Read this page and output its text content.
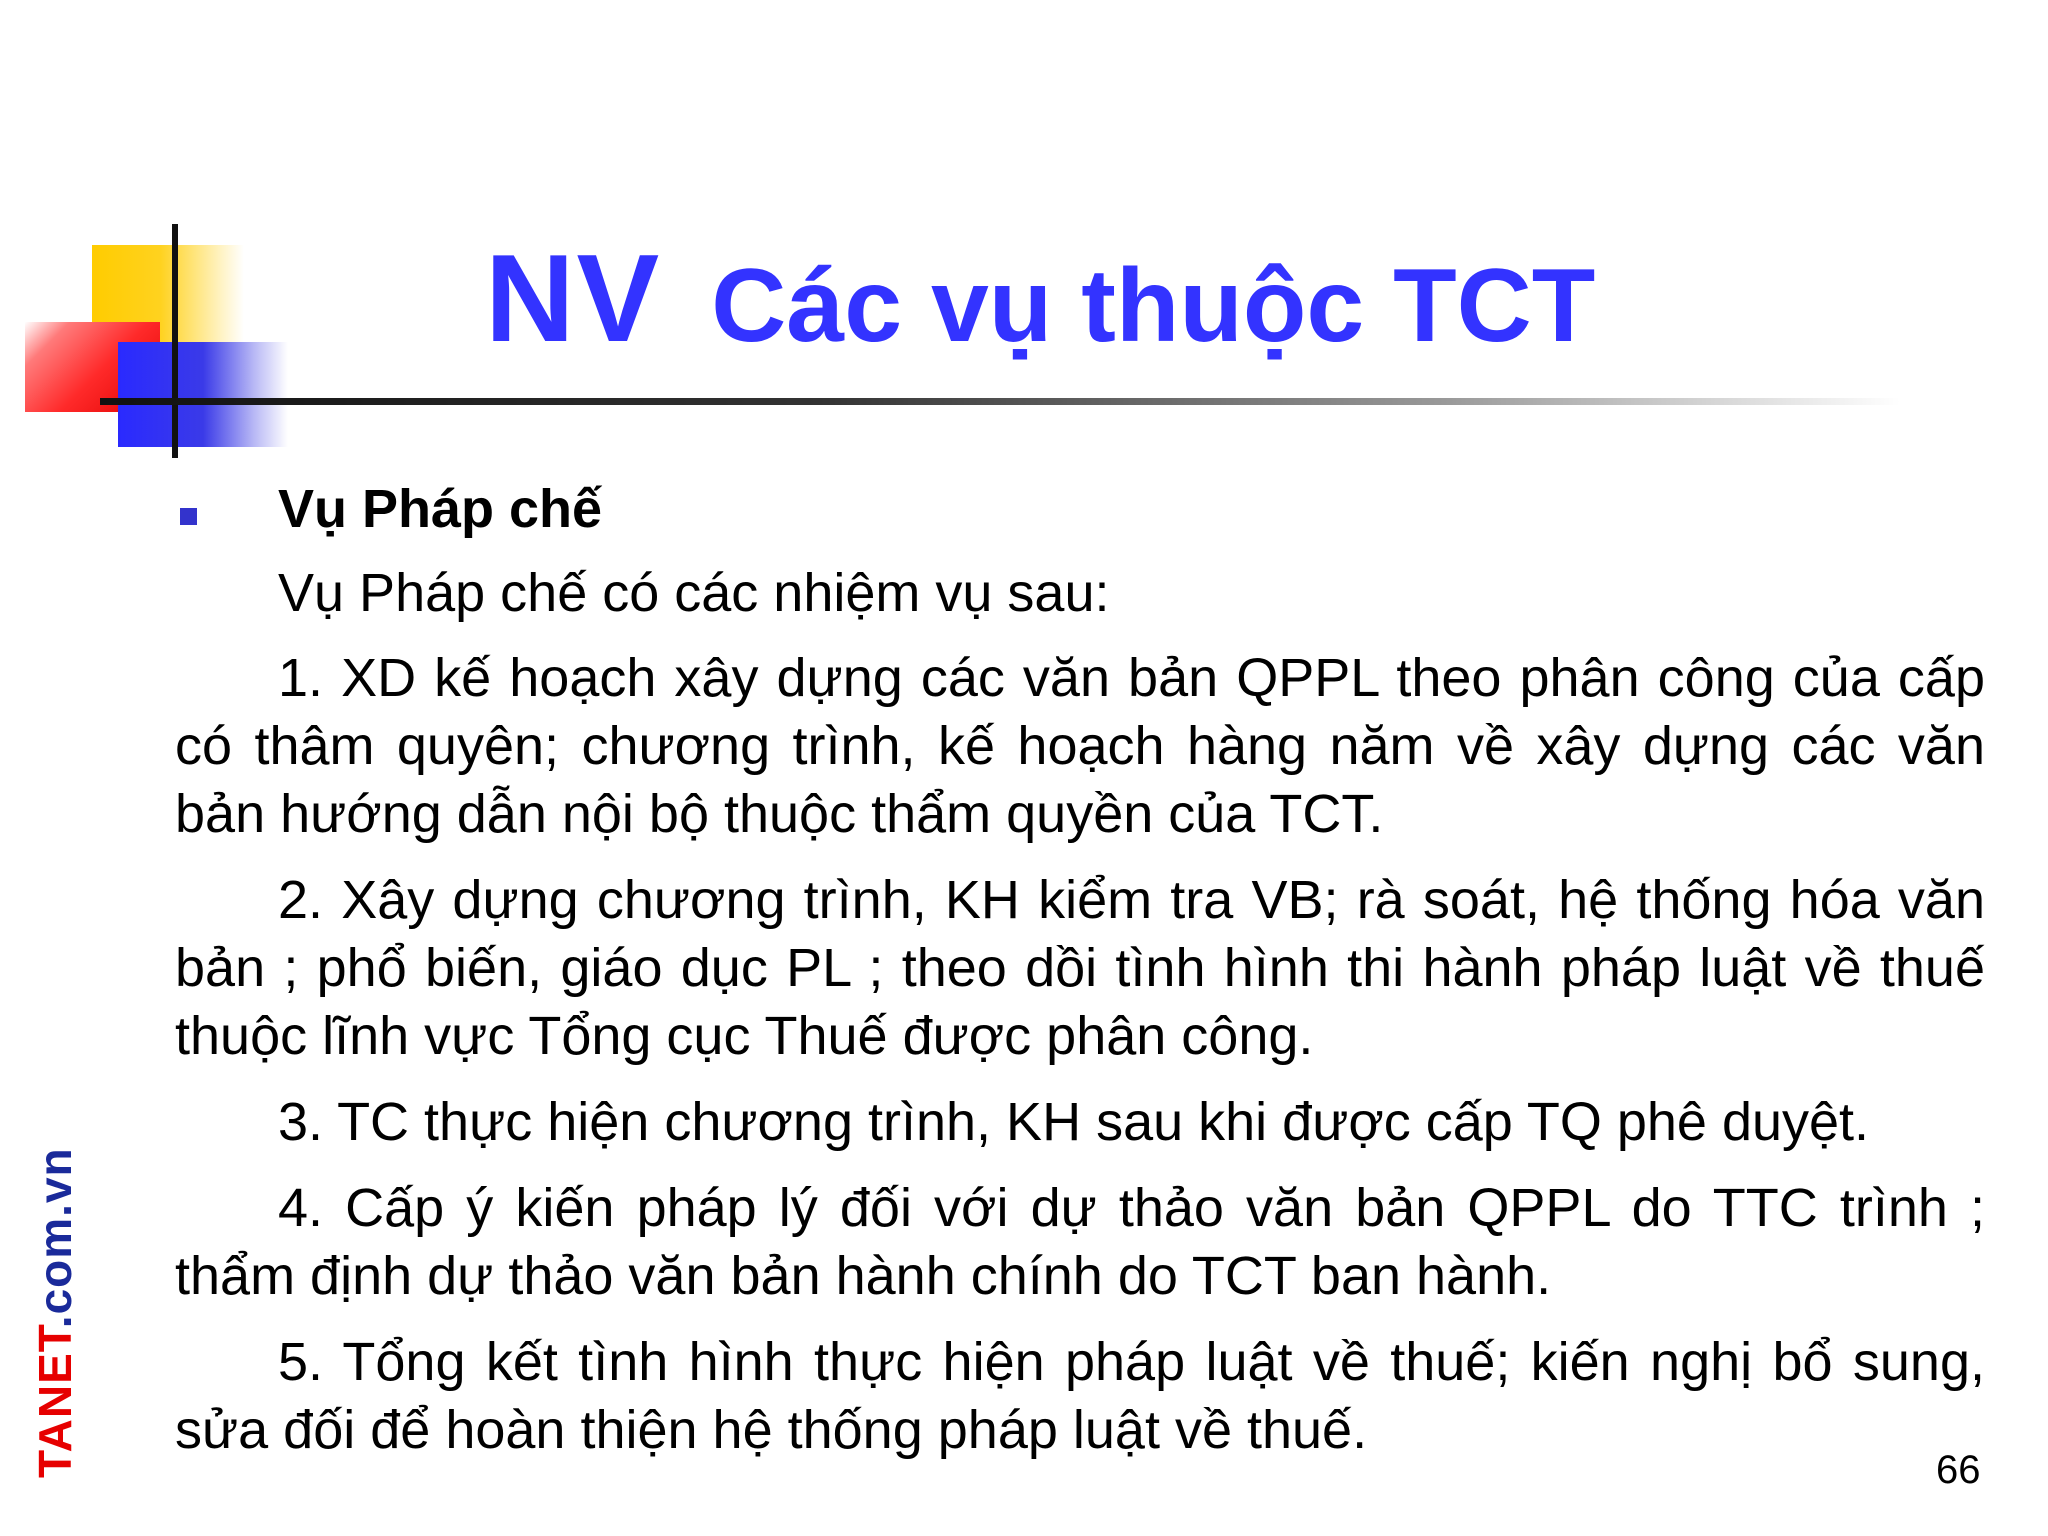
NV Các vụ thuộc TCT
Vụ Pháp chế
Vụ Pháp chế có các nhiệm vụ sau:

1. XD kế hoạch xây dựng các văn bản QPPL theo phân công của cấp có thâm quyên; chương trình, kế hoạch hàng năm về xây dựng các văn bản hướng dẫn nội bộ thuộc thẩm quyền của TCT.

2. Xây dựng chương trình, KH kiểm tra VB; rà soát, hệ thống hóa văn bản ; phổ biến, giáo dục PL ; theo dồi tình hình thi hành pháp luật về thuế thuộc lĩnh vực Tổng cục Thuế được phân công.

3. TC thực hiện chương trình, KH sau khi được cấp TQ phê duyệt.

4. Cấp ý kiến pháp lý đối với dự thảo văn bản QPPL do TTC trình ; thẩm định dự thảo văn bản hành chính do TCT ban hành.

5. Tổng kết tình hình thực hiện pháp luật về thuế; kiến nghị bổ sung, sửa đối để hoàn thiện hệ thống pháp luật về thuế.

TANET.com.vn
66
